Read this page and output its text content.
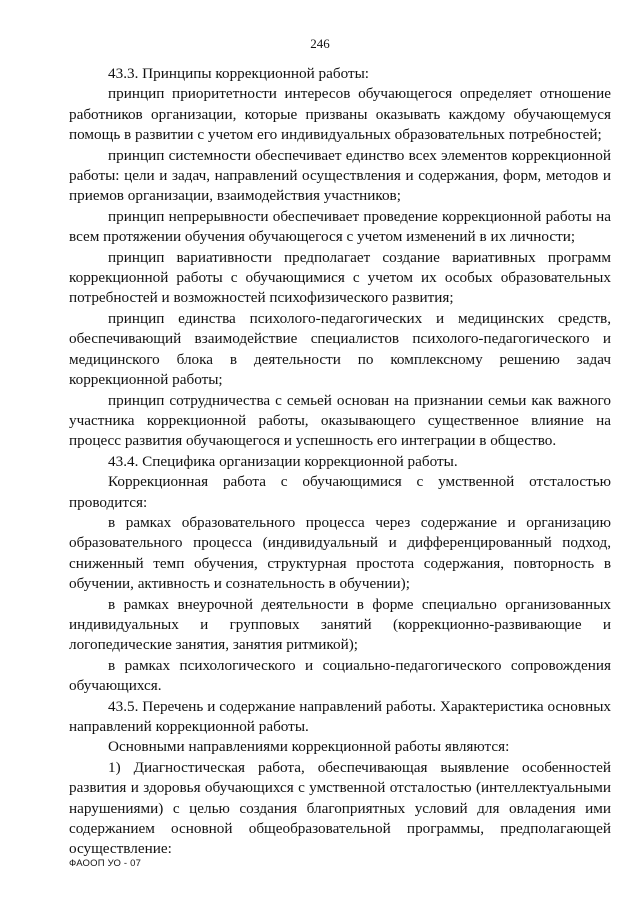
246

43.3. Принципы коррекционной работы:

принцип приоритетности интересов обучающегося определяет отношение работников организации, которые призваны оказывать каждому обучающемуся помощь в развитии с учетом его индивидуальных образовательных потребностей;

принцип системности обеспечивает единство всех элементов коррекционной работы: цели и задач, направлений осуществления и содержания, форм, методов и приемов организации, взаимодействия участников;

принцип непрерывности обеспечивает проведение коррекционной работы на всем протяжении обучения обучающегося с учетом изменений в их личности;

принцип вариативности предполагает создание вариативных программ коррекционной работы с обучающимися с учетом их особых образовательных потребностей и возможностей психофизического развития;

принцип единства психолого-педагогических и медицинских средств, обеспечивающий взаимодействие специалистов психолого-педагогического и медицинского блока в деятельности по комплексному решению задач коррекционной работы;

принцип сотрудничества с семьей основан на признании семьи как важного участника коррекционной работы, оказывающего существенное влияние на процесс развития обучающегося и успешность его интеграции в общество.

43.4. Специфика организации коррекционной работы.

Коррекционная работа с обучающимися с умственной отсталостью проводится:

в рамках образовательного процесса через содержание и организацию образовательного процесса (индивидуальный и дифференцированный подход, сниженный темп обучения, структурная простота содержания, повторность в обучении, активность и сознательность в обучении);

в рамках внеурочной деятельности в форме специально организованных индивидуальных и групповых занятий (коррекционно-развивающие и логопедические занятия, занятия ритмикой);

в рамках психологического и социально-педагогического сопровождения обучающихся.

43.5. Перечень и содержание направлений работы. Характеристика основных направлений коррекционной работы.

Основными направлениями коррекционной работы являются:

1) Диагностическая работа, обеспечивающая выявление особенностей развития и здоровья обучающихся с умственной отсталостью (интеллектуальными нарушениями) с целью создания благоприятных условий для овладения ими содержанием основной общеобразовательной программы, предполагающей осуществление:

ФАООП УО - 07
